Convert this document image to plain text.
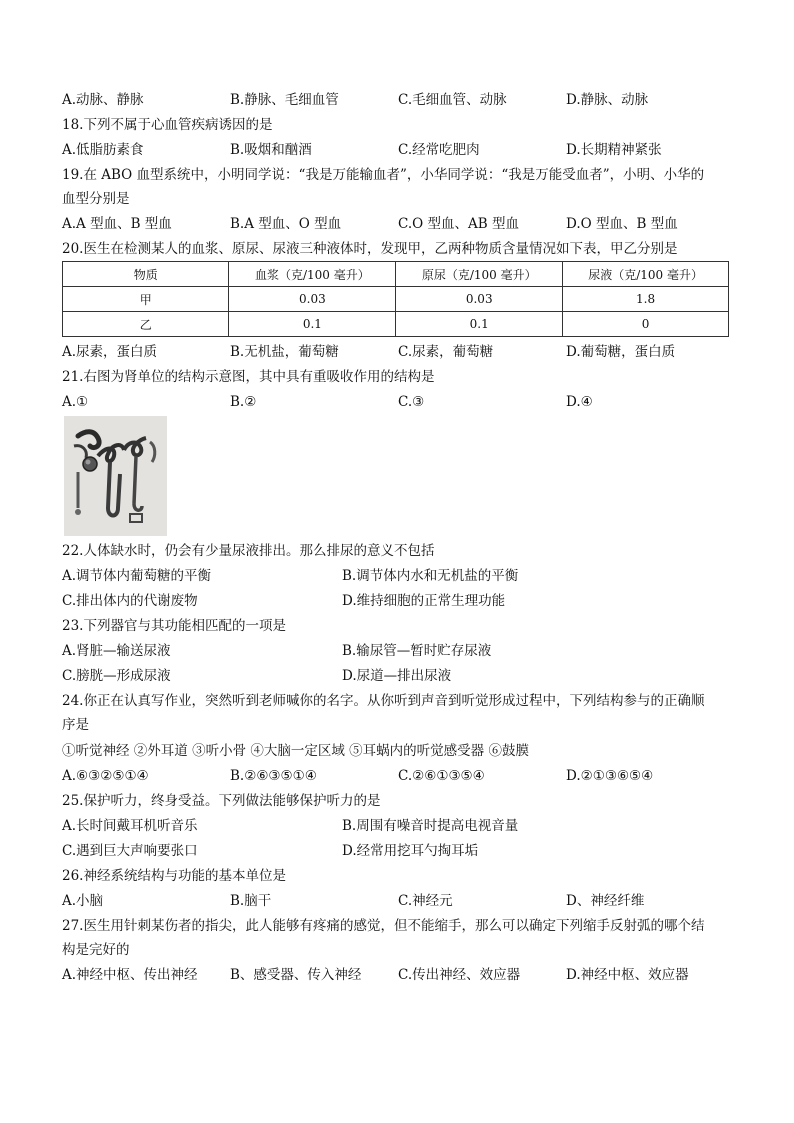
A.动脉、静脉	B.静脉、毛细血管	C.毛细血管、动脉	D.静脉、动脉
18.下列不属于心血管疾病诱因的是
A.低脂肪素食	B.吸烟和酗酒	C.经常吃肥肉	D.长期精神紧张
19.在 ABO 血型系统中，小明同学说：“我是万能输血者”，小华同学说：“我是万能受血者”，小明、小华的
血型分别是
A.A 型血、B 型血	B.A 型血、O 型血	C.O 型血、AB 型血	D.O 型血、B 型血
20.医生在检测某人的血浆、原尿、尿液三种液体时，发现甲，乙两种物质含量情况如下表，甲乙分别是
物质	血浆（克/100 毫升）	原尿（克/100 毫升）	尿液（克/100 毫升）
甲	0.03	0.03	1.8
乙	0.1	0.1	0
A.尿素，蛋白质	B.无机盐，葡萄糖	C.尿素，葡萄糖	D.葡萄糖，蛋白质
21.右图为肾单位的结构示意图，其中具有重吸收作用的结构是
A.①	B.②	C.③	D.④
22.人体缺水时，仍会有少量尿液排出。那么排尿的意义不包括
A.调节体内葡萄糖的平衡	B.调节体内水和无机盐的平衡
C.排出体内的代谢废物	D.维持细胞的正常生理功能
23.下列器官与其功能相匹配的一项是
A.肾脏—输送尿液	B.输尿管—暂时贮存尿液
C.膀胱—形成尿液	D.尿道—排出尿液
24.你正在认真写作业，突然听到老师喊你的名字。从你听到声音到听觉形成过程中，下列结构参与的正确顺
序是
①听觉神经 ②外耳道 ③听小骨 ④大脑一定区域 ⑤耳蜗内的听觉感受器 ⑥鼓膜
A.⑥③②⑤①④	B.②⑥③⑤①④	C.②⑥①③⑤④	D.②①③⑥⑤④
25.保护听力，终身受益。下列做法能够保护听力的是
A.长时间戴耳机听音乐	B.周围有噪音时提高电视音量
C.遇到巨大声响要张口	D.经常用挖耳勺掏耳垢
26.神经系统结构与功能的基本单位是
A.小脑	B.脑干	C.神经元	D、神经纤维
27.医生用针刺某伤者的指尖，此人能够有疼痛的感觉，但不能缩手，那么可以确定下列缩手反射弧的哪个结
构是完好的
A.神经中枢、传出神经 B、感受器、传入神经	C.传出神经、效应器	D.神经中枢、效应器
